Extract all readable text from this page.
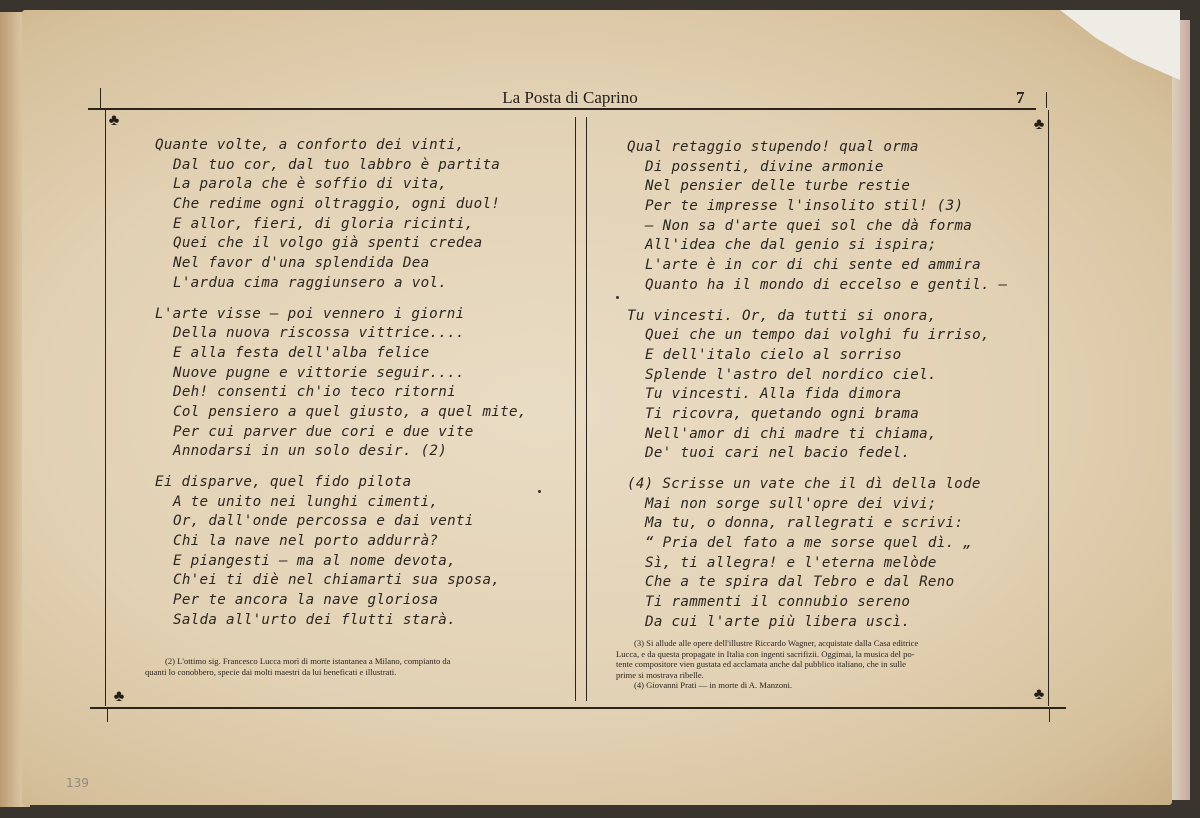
La Posta di Caprino	7
♣	♣
♣	♣
Quante volte, a conforto dei vinti,
Dal tuo cor, dal tuo labbro è partita
La parola che è soffio di vita,
Che redime ogni oltraggio, ogni duol!
E allor, fieri, di gloria ricinti,
Quei che il volgo già spenti credea
Nel favor d'una splendida Dea
L'ardua cima raggiunsero a vol.
L'arte visse — poi vennero i giorni
Della nuova riscossa vittrice....
E alla festa dell'alba felice
Nuove pugne e vittorie seguir....
Deh! consenti ch'io teco ritorni
Col pensiero a quel giusto, a quel mite,
Per cui parver due cori e due vite
Annodarsi in un solo desir. (2)
Ei disparve, quel fido pilota
A te unito nei lunghi cimenti,
Or, dall'onde percossa e dai venti
Chi la nave nel porto addurrà?
E piangesti — ma al nome devota,
Ch'ei ti diè nel chiamarti sua sposa,
Per te ancora la nave gloriosa
Salda all'urto dei flutti starà.
Qual retaggio stupendo! qual orma
Di possenti, divine armonie
Nel pensier delle turbe restie
Per te impresse l'insolito stil! (3)
— Non sa d'arte quei sol che dà forma
All'idea che dal genio si ispira;
L'arte è in cor di chi sente ed ammira
Quanto ha il mondo di eccelso e gentil. —
Tu vincesti. Or, da tutti si onora,
Quei che un tempo dai volghi fu irriso,
E dell'italo cielo al sorriso
Splende l'astro del nordico ciel.
Tu vincesti. Alla fida dimora
Ti ricovra, quetando ogni brama
Nell'amor di chi madre ti chiama,
De' tuoi cari nel bacio fedel.
(4) Scrisse un vate che il dì della lode
Mai non sorge sull'opre dei vivi;
Ma tu, o donna, rallegrati e scrivi:
“ Pria del fato a me sorse quel dì. „
Sì, ti allegra! e l'eterna melòde
Che a te spira dal Tebro e dal Reno
Ti rammenti il connubio sereno
Da cui l'arte più libera uscì.

(2) L'ottimo sig. Francesco Lucca morì di morte istantanea a Milano, compianto da

quanti lo conobbero, specie dai molti maestri da lui beneficati e illustrati.

(3) Si allude alle opere dell'illustre Riccardo Wagner, acquistate dalla Casa editrice

Lucca, e da questa propagate in Italia con ingenti sacrifizii. Oggimai, la musica del po-

tente compositore vien gustata ed acclamata anche dal pubblico italiano, che in sulle

prime si mostrava ribelle.

(4) Giovanni Prati — in morte di A. Manzoni.

139
